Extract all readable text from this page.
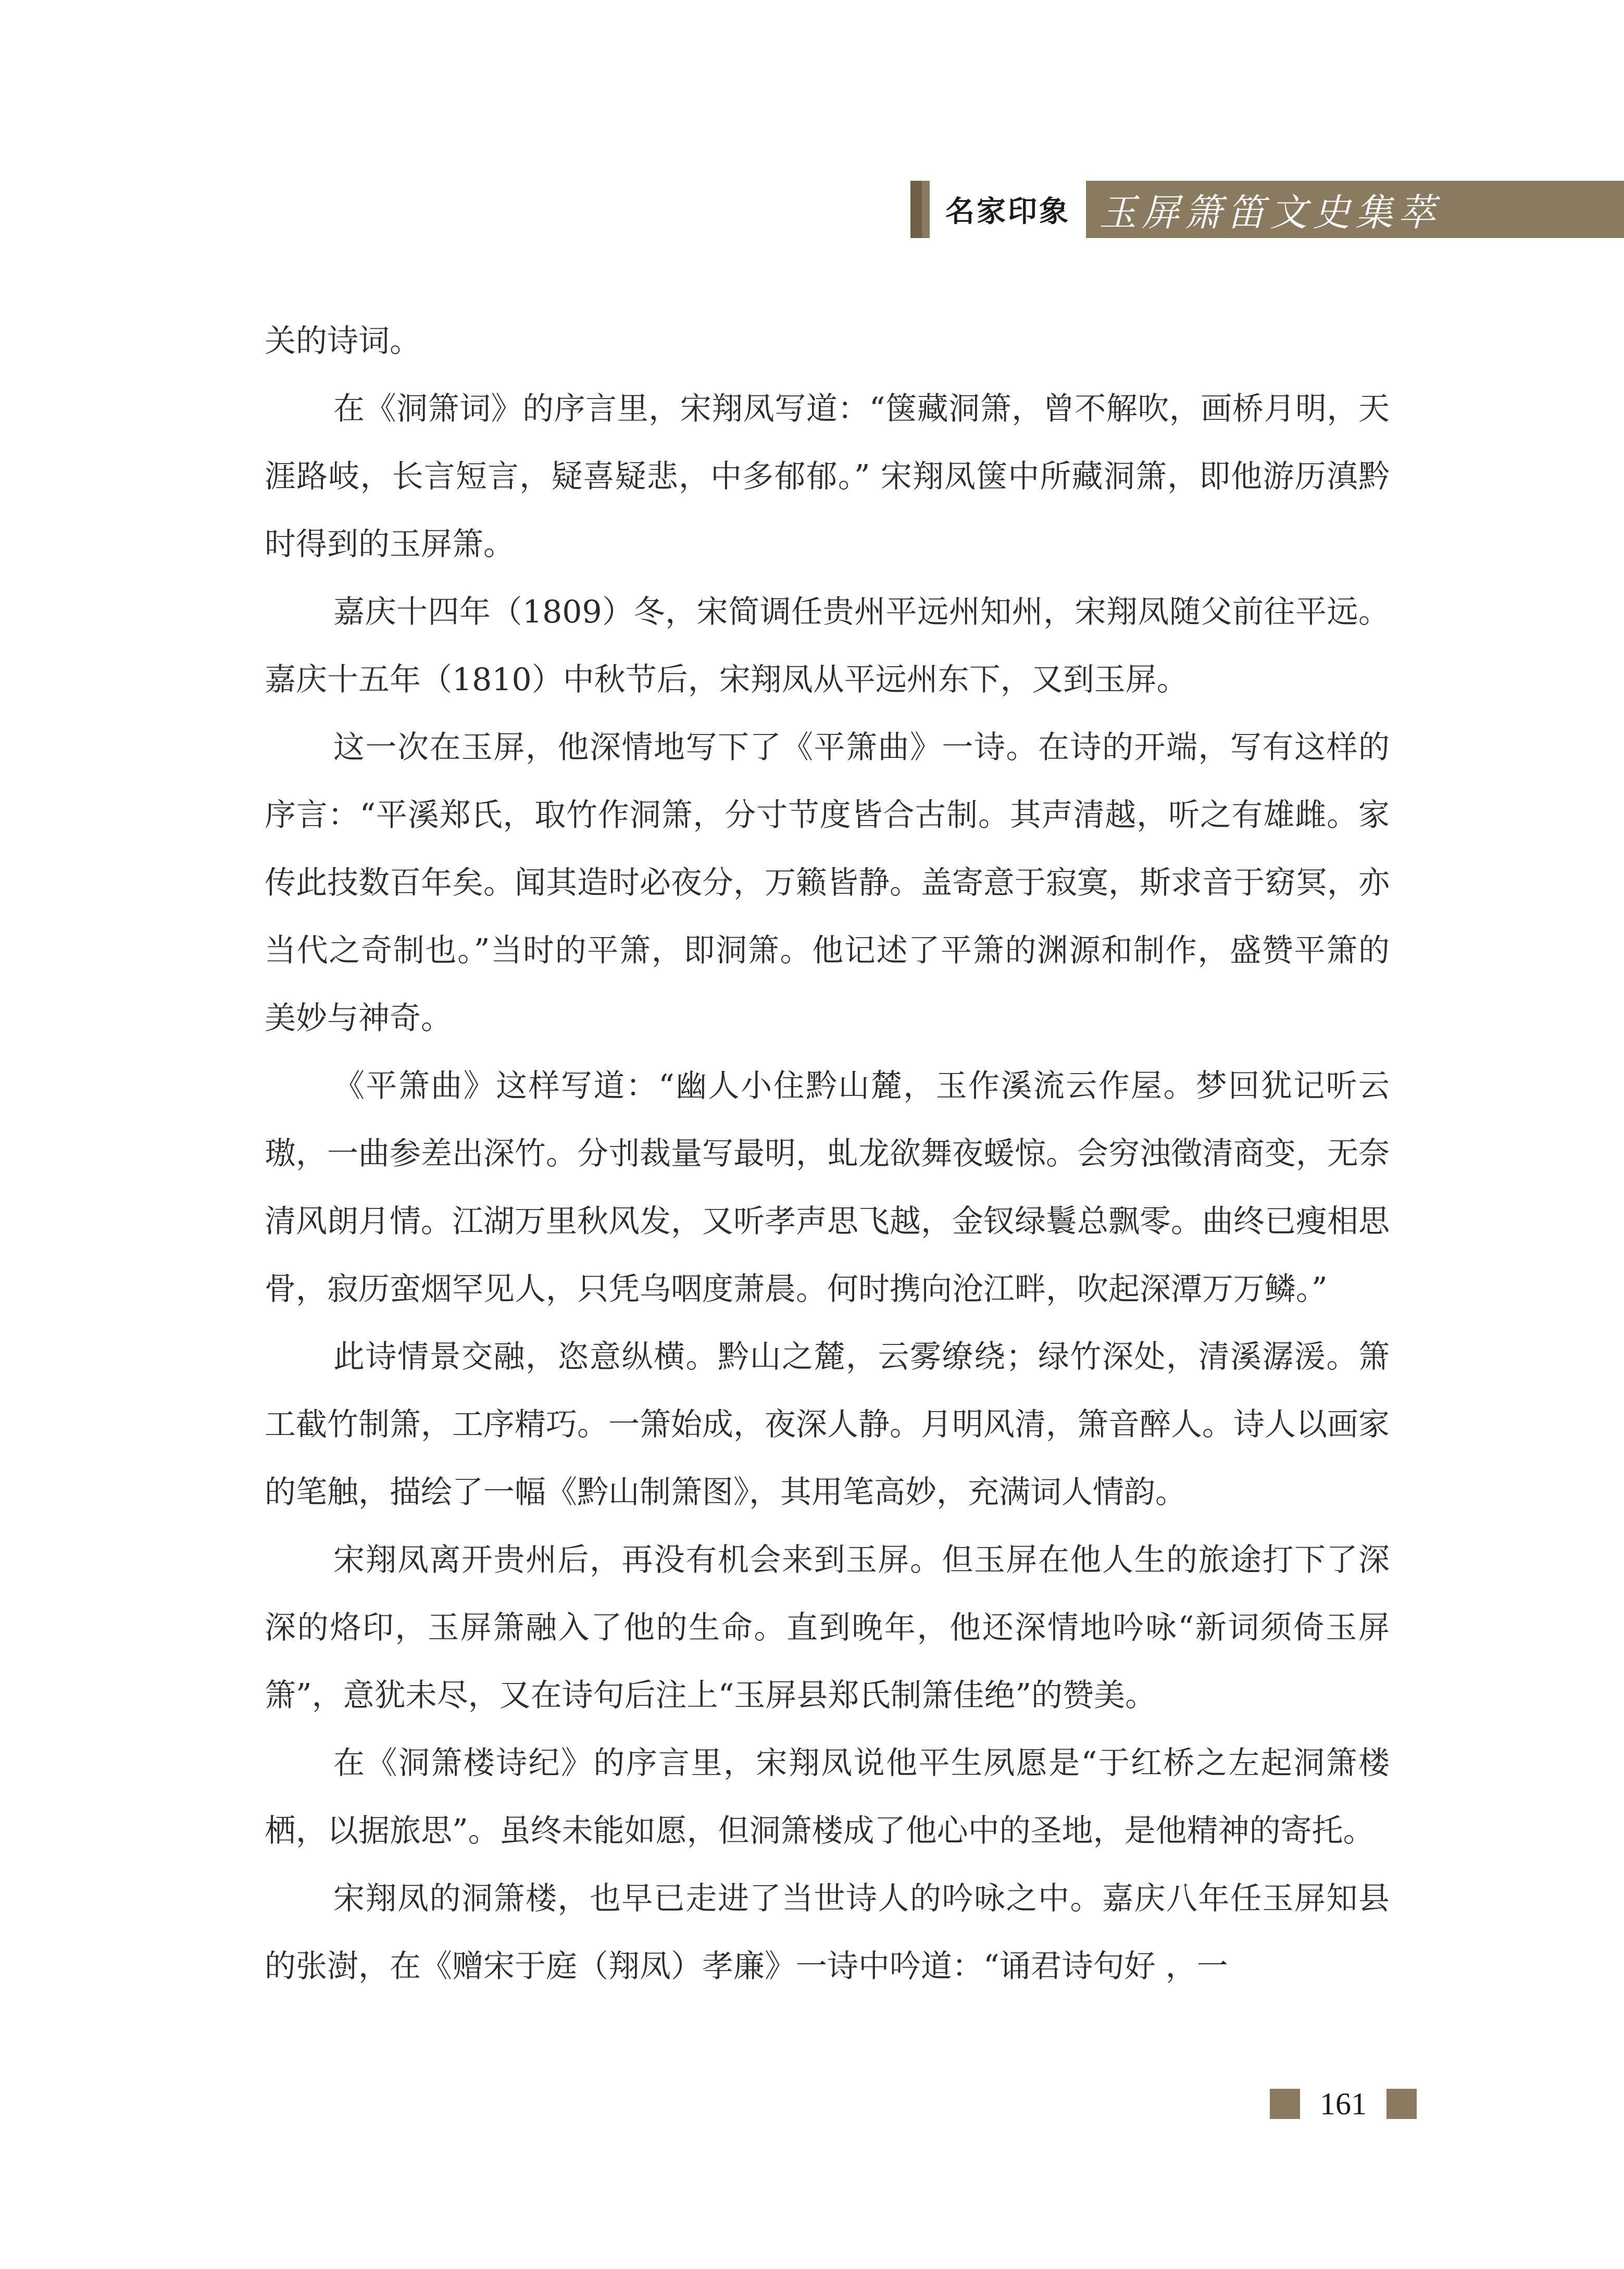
名家印象 玉屏箫笛文史集萃

关的诗词。

在《洞箫词》的序言里，宋翔凤写道：“箧藏洞箫，曾不解吹，画桥月明，天涯路岐，长言短言，疑喜疑悲，中多郁郁。” 宋翔凤箧中所藏洞箫，即他游历滇黔时得到的玉屏箫。

嘉庆十四年（1809）冬，宋简调任贵州平远州知州，宋翔凤随父前往平远。嘉庆十五年（1810）中秋节后，宋翔凤从平远州东下，又到玉屏。

这一次在玉屏，他深情地写下了《平箫曲》一诗。在诗的开端，写有这样的序言：“平溪郑氏，取竹作洞箫，分寸节度皆合古制。其声清越，听之有雄雌。家传此技数百年矣。闻其造时必夜分，万籁皆静。盖寄意于寂寞，斯求音于窈冥，亦当代之奇制也。”当时的平箫，即洞箫。他记述了平箫的渊源和制作，盛赞平箫的美妙与神奇。

《平箫曲》这样写道：“幽人小住黔山麓，玉作溪流云作屋。梦回犹记听云璈，一曲参差出深竹。分刌裁量写最明，虬龙欲舞夜蝯惊。会穷浊徵清商变，无奈清风朗月情。江湖万里秋风发，又听孝声思飞越，金钗绿鬟总飘零。曲终已瘦相思骨，寂历蛮烟罕见人，只凭乌咽度萧晨。何时携向沧江畔，吹起深潭万万鳞。”

此诗情景交融，恣意纵横。黔山之麓，云雾缭绕；绿竹深处，清溪潺湲。箫工截竹制箫，工序精巧。一箫始成，夜深人静。月明风清，箫音醉人。诗人以画家的笔触，描绘了一幅《黔山制箫图》，其用笔高妙，充满词人情韵。

宋翔凤离开贵州后，再没有机会来到玉屏。但玉屏在他人生的旅途打下了深深的烙印，玉屏箫融入了他的生命。直到晚年，他还深情地吟咏“新词须倚玉屏箫”，意犹未尽，又在诗句后注上“玉屏县郑氏制箫佳绝”的赞美。

在《洞箫楼诗纪》的序言里，宋翔凤说他平生夙愿是“于红桥之左起洞箫楼栖，以据旅思”。虽终未能如愿，但洞箫楼成了他心中的圣地，是他精神的寄托。

宋翔凤的洞箫楼，也早已走进了当世诗人的吟咏之中。嘉庆八年任玉屏知县的张澍，在《赠宋于庭（翔凤）孝廉》一诗中吟道：“诵君诗句好 ，一

161
